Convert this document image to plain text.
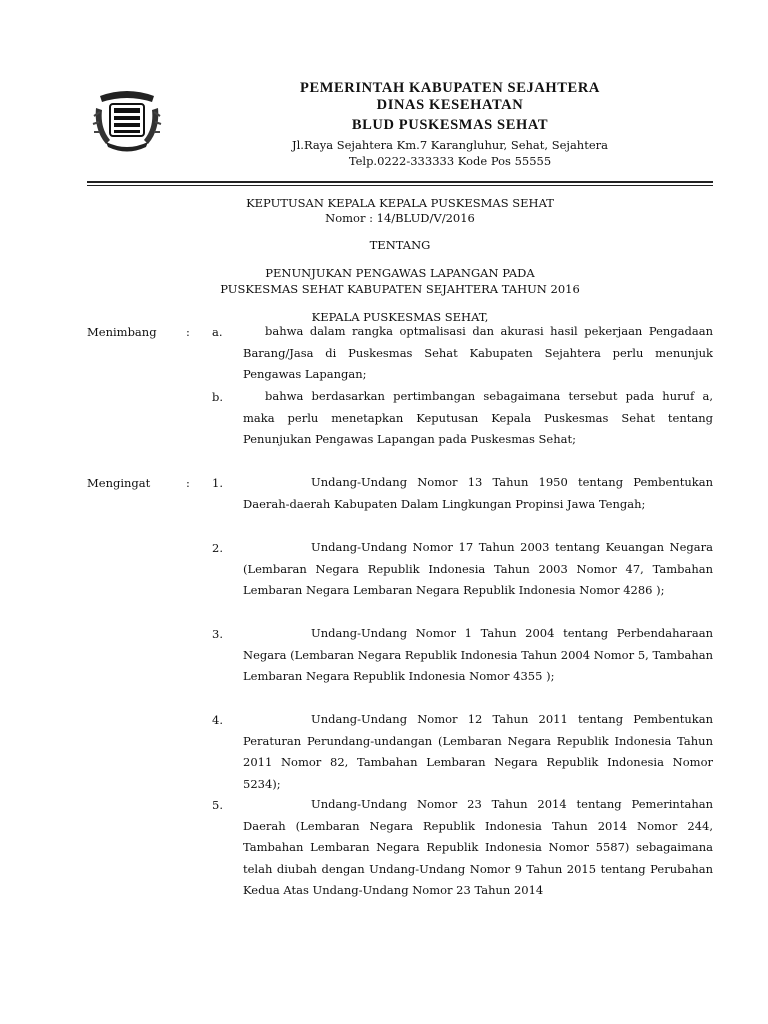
PEMERINTAH KABUPATEN SEJAHTERA
DINAS KESEHATAN
BLUD PUSKESMAS SEHAT
Jl.Raya Sejahtera Km.7 Karangluhur, Sehat, Sejahtera
Telp.0222-333333 Kode Pos 55555
KEPUTUSAN KEPALA KEPALA PUSKESMAS SEHAT
Nomor : 14/BLUD/V/2016
TENTANG
PENUNJUKAN PENGAWAS LAPANGAN PADA
PUSKESMAS SEHAT KABUPATEN SEJAHTERA TAHUN 2016
KEPALA PUSKESMAS SEHAT,
Menimbang	: a.	bahwa dalam rangka optmalisasi dan akurasi hasil pekerjaan Pengadaan Barang/Jasa di Puskesmas Sehat Kabupaten Sejahtera perlu menunjuk Pengawas Lapangan;
b.	bahwa berdasarkan pertimbangan sebagaimana tersebut pada huruf a, maka perlu menetapkan Keputusan Kepala Puskesmas Sehat tentang Penunjukan Pengawas Lapangan pada Puskesmas Sehat;
Mengingat	: 1.	Undang-Undang Nomor 13 Tahun 1950 tentang Pembentukan Daerah-daerah Kabupaten Dalam Lingkungan Propinsi Jawa Tengah;
2.	Undang-Undang Nomor 17 Tahun 2003 tentang Keuangan Negara (Lembaran Negara Republik Indonesia Tahun 2003 Nomor 47, Tambahan Lembaran Negara Lembaran Negara Republik Indonesia Nomor 4286 );
3.	Undang-Undang Nomor 1 Tahun 2004 tentang Perbendaharaan Negara (Lembaran Negara Republik Indonesia Tahun 2004 Nomor 5, Tambahan Lembaran Negara Republik Indonesia Nomor 4355 );
4.	Undang-Undang Nomor 12 Tahun 2011 tentang Pembentukan Peraturan Perundang-undangan (Lembaran Negara Republik Indonesia Tahun 2011 Nomor 82, Tambahan Lembaran Negara Republik Indonesia Nomor 5234);
5.	Undang-Undang Nomor 23 Tahun 2014 tentang Pemerintahan Daerah (Lembaran Negara Republik Indonesia Tahun 2014 Nomor 244, Tambahan Lembaran Negara Republik Indonesia Nomor 5587) sebagaimana telah diubah dengan Undang-Undang Nomor 9 Tahun 2015 tentang Perubahan Kedua Atas Undang-Undang Nomor 23 Tahun 2014
